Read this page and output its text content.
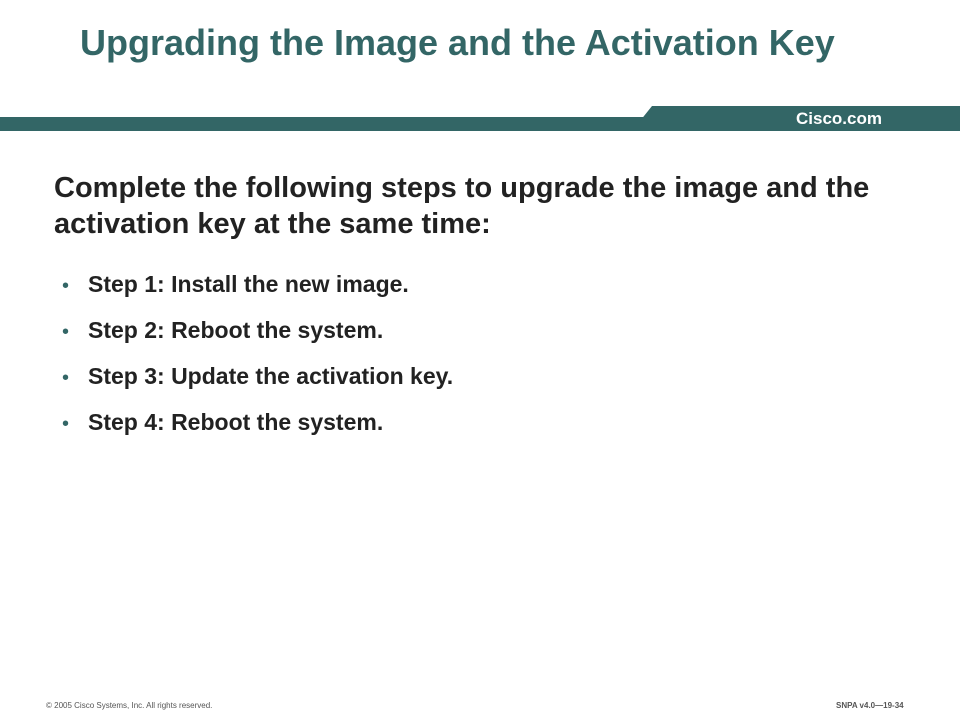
Upgrading the Image and the Activation Key
Cisco.com

Complete the following steps to upgrade the image and the activation key at the same time:

• Step 1: Install the new image.
• Step 2: Reboot the system.
• Step 3: Update the activation key.
• Step 4: Reboot the system.
© 2005 Cisco Systems, Inc. All rights reserved.	SNPA v4.0—19-34
